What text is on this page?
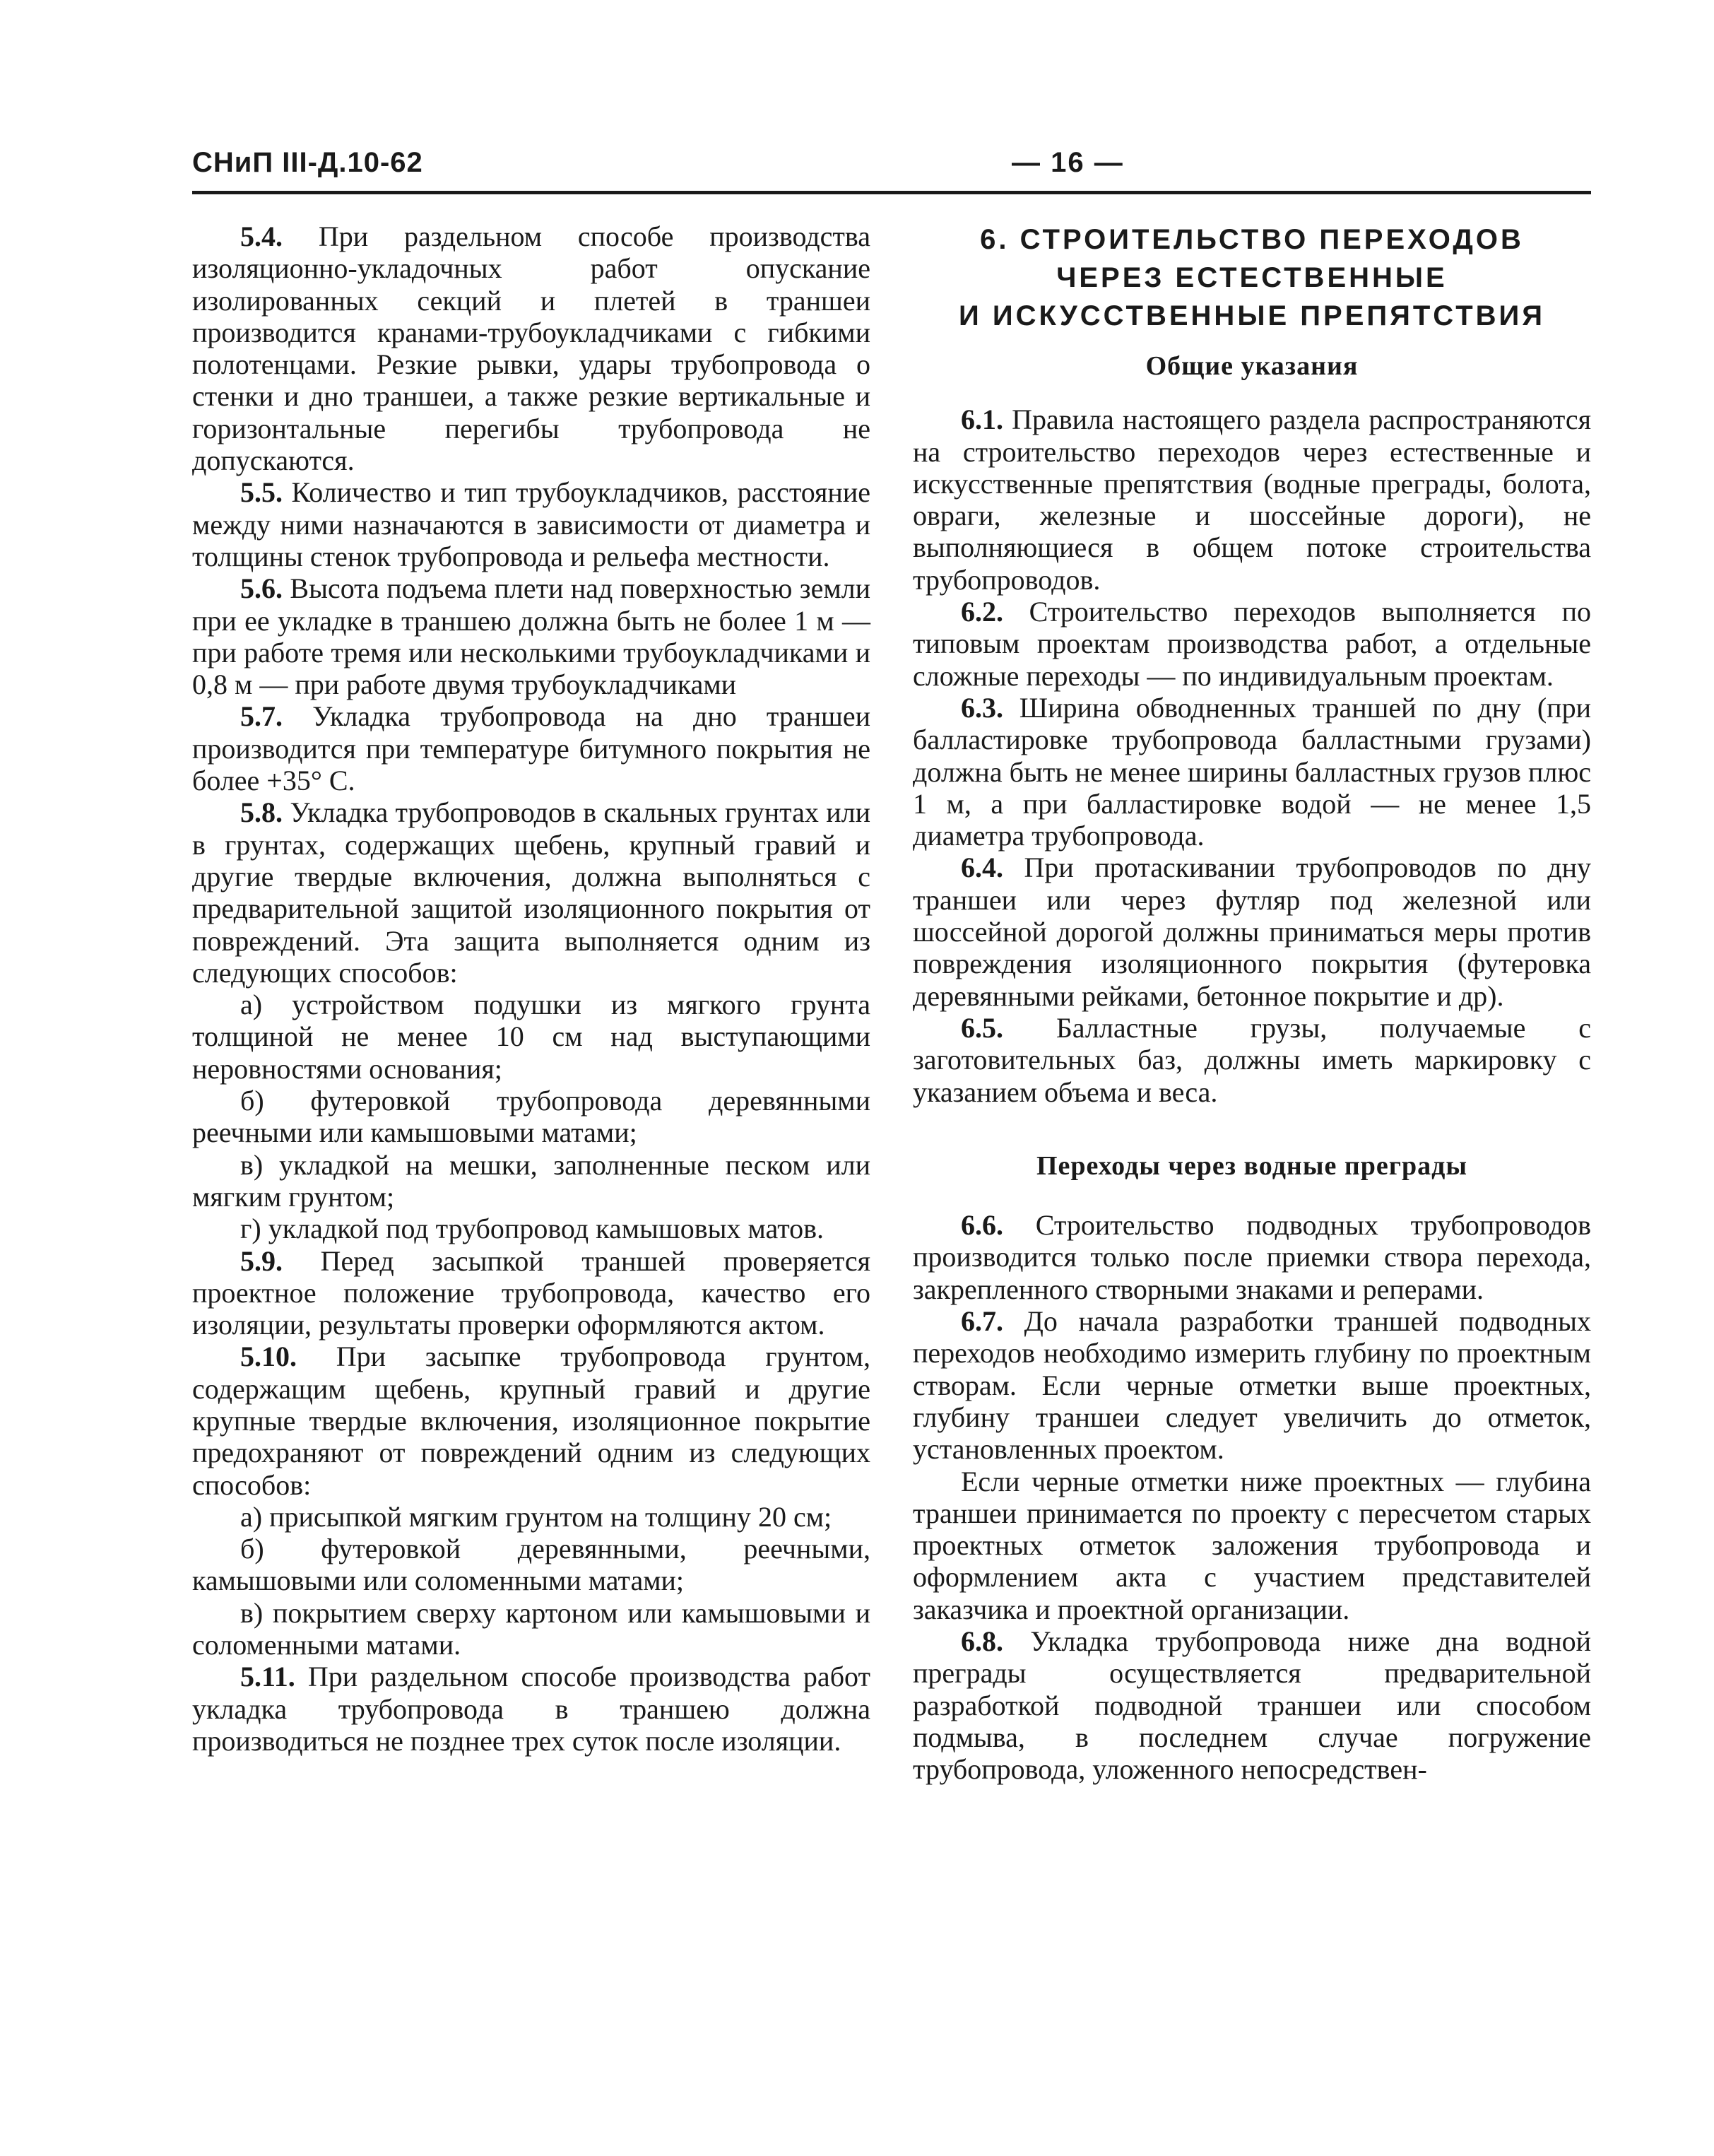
СНиП III-Д.10-62	— 16 —

5.4. При раздельном способе производства изоляционно-укладочных работ опускание изолированных секций и плетей в траншеи производится кранами-трубоукладчиками с гибкими полотенцами. Резкие рывки, удары трубопровода о стенки и дно траншеи, а также резкие вертикальные и горизонтальные перегибы трубопровода не допускаются.

5.5. Количество и тип трубоукладчиков, расстояние между ними назначаются в зависимости от диаметра и толщины стенок трубопровода и рельефа местности.

5.6. Высота подъема плети над поверхностью земли при ее укладке в траншею должна быть не более 1 м — при работе тремя или несколькими трубоукладчиками и 0,8 м — при работе двумя трубоукладчиками

5.7. Укладка трубопровода на дно траншеи производится при температуре битумного покрытия не более +35° С.

5.8. Укладка трубопроводов в скальных грунтах или в грунтах, содержащих щебень, крупный гравий и другие твердые включения, должна выполняться с предварительной защитой изоляционного покрытия от повреждений. Эта защита выполняется одним из следующих способов:

а) устройством подушки из мягкого грунта толщиной не менее 10 см над выступающими неровностями основания;

б) футеровкой трубопровода деревянными реечными или камышовыми матами;

в) укладкой на мешки, заполненные песком или мягким грунтом;

г) укладкой под трубопровод камышовых матов.

5.9. Перед засыпкой траншей проверяется проектное положение трубопровода, качество его изоляции, результаты проверки оформляются актом.

5.10. При засыпке трубопровода грунтом, содержащим щебень, крупный гравий и другие крупные твердые включения, изоляционное покрытие предохраняют от повреждений одним из следующих способов:

а) присыпкой мягким грунтом на толщину 20 см;

б) футеровкой деревянными, реечными, камышовыми или соломенными матами;

в) покрытием сверху картоном или камышовыми и соломенными матами.

5.11. При раздельном способе производства работ укладка трубопровода в траншею должна производиться не позднее трех суток после изоляции.

6. СТРОИТЕЛЬСТВО ПЕРЕХОДОВ
ЧЕРЕЗ ЕСТЕСТВЕННЫЕ
И ИСКУССТВЕННЫЕ ПРЕПЯТСТВИЯ
Общие указания

6.1. Правила настоящего раздела распространяются на строительство переходов через естественные и искусственные препятствия (водные преграды, болота, овраги, железные и шоссейные дороги), не выполняющиеся в общем потоке строительства трубопроводов.

6.2. Строительство переходов выполняется по типовым проектам производства работ, а отдельные сложные переходы — по индивидуальным проектам.

6.3. Ширина обводненных траншей по дну (при балластировке трубопровода балластными грузами) должна быть не менее ширины балластных грузов плюс 1 м, а при балластировке водой — не менее 1,5 диаметра трубопровода.

6.4. При протаскивании трубопроводов по дну траншеи или через футляр под железной или шоссейной дорогой должны приниматься меры против повреждения изоляционного покрытия (футеровка деревянными рейками, бетонное покрытие и др).

6.5. Балластные грузы, получаемые с заготовительных баз, должны иметь маркировку с указанием объема и веса.

Переходы через водные преграды

6.6. Строительство подводных трубопроводов производится только после приемки створа перехода, закрепленного створными знаками и реперами.

6.7. До начала разработки траншей подводных переходов необходимо измерить глубину по проектным створам. Если черные отметки выше проектных, глубину траншеи следует увеличить до отметок, установленных проектом.

Если черные отметки ниже проектных — глубина траншеи принимается по проекту с пересчетом старых проектных отметок заложения трубопровода и оформлением акта с участием представителей заказчика и проектной организации.

6.8. Укладка трубопровода ниже дна водной преграды осуществляется предварительной разработкой подводной траншеи или способом подмыва, в последнем случае погружение трубопровода, уложенного непосредствен-
